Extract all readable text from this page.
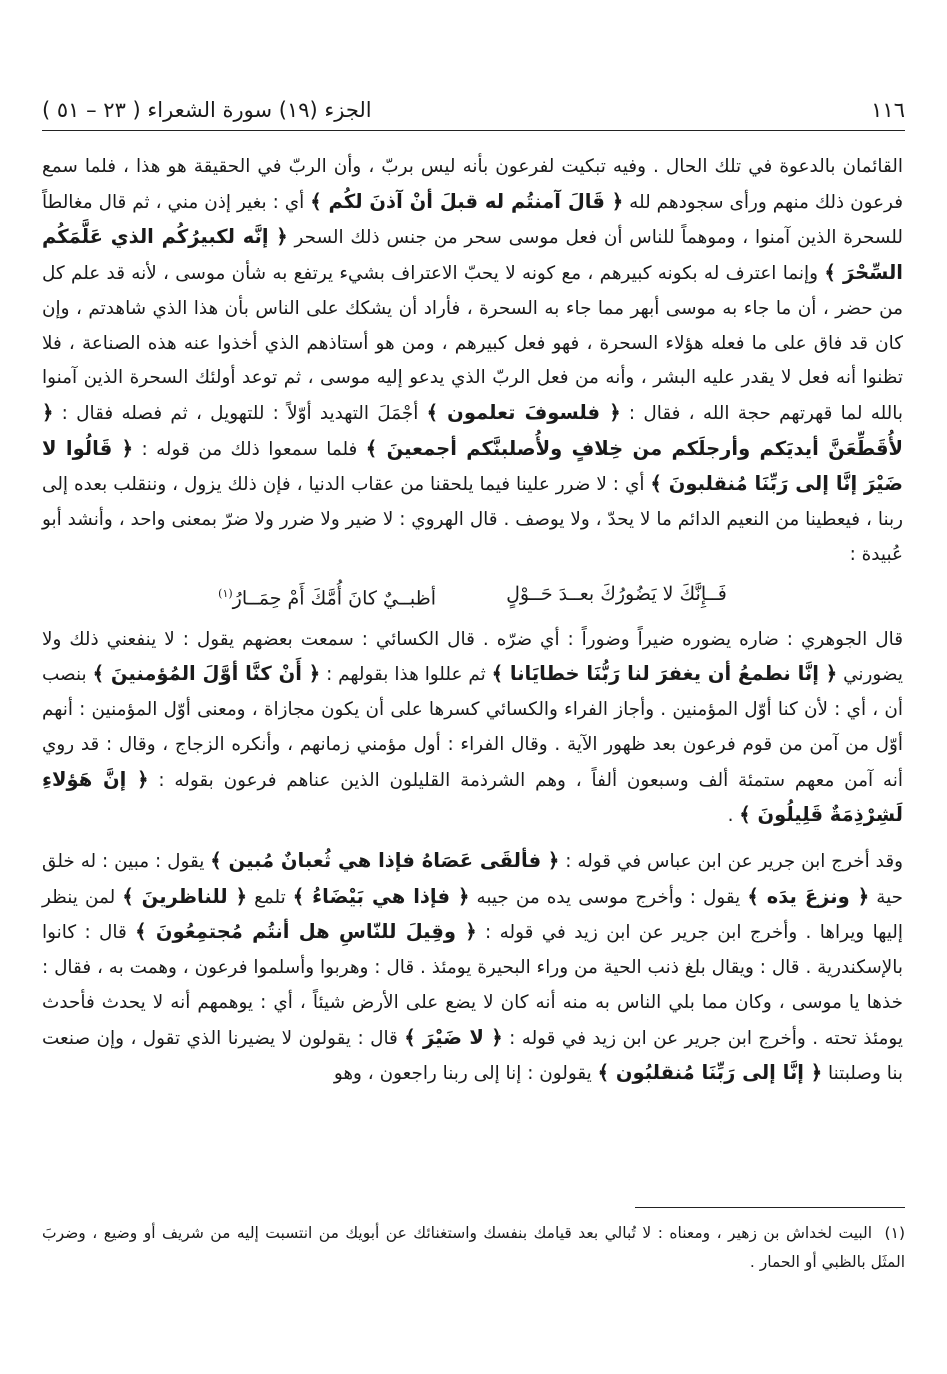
١١٦
الجزء (١٩) سورة الشعراء ( ٢٣ – ٥١ )

القائمان بالدعوة في تلك الحال . وفيه تبكيت لفرعون بأنه ليس بربّ ، وأن الربّ في الحقيقة هو هذا ، فلما سمع فرعون ذلك منهم ورأى سجودهم لله ﴿ قَالَ آمنتُم له قبلَ أنْ آذنَ لكُم ﴾ أي : بغير إذن مني ، ثم قال مغالطاً للسحرة الذين آمنوا ، وموهماً للناس أن فعل موسى سحر من جنس ذلك السحر ﴿ إنَّه لكبيرُكُم الذي عَلَّمَكُم السِّحْرَ ﴾ وإنما اعترف له بكونه كبيرهم ، مع كونه لا يحبّ الاعتراف بشيء يرتفع به شأن موسى ، لأنه قد علم كل من حضر ، أن ما جاء به موسى أبهر مما جاء به السحرة ، فأراد أن يشكك على الناس بأن هذا الذي شاهدتم ، وإن كان قد فاق على ما فعله هؤلاء السحرة ، فهو فعل كبيرهم ، ومن هو أستاذهم الذي أخذوا عنه هذه الصناعة ، فلا تظنوا أنه فعل لا يقدر عليه البشر ، وأنه من فعل الربّ الذي يدعو إليه موسى ، ثم توعد أولئك السحرة الذين آمنوا بالله لما قهرتهم حجة الله ، فقال : ﴿ فلسوفَ تعلمون ﴾ أجْمَلَ التهديد أوّلاً : للتهويل ، ثم فصله فقال : ﴿ لأُقَطِّعَنَّ أيديَكم وأرجلَكم من خِلافٍ ولأُصلبنَّكم أجمعينَ ﴾ فلما سمعوا ذلك من قوله : ﴿ قَالُوا لا ضَيْرَ إنَّا إلى رَبِّنَا مُنقلبونَ ﴾ أي : لا ضرر علينا فيما يلحقنا من عقاب الدنيا ، فإن ذلك يزول ، وننقلب بعده إلى ربنا ، فيعطينا من النعيم الدائم ما لا يحدّ ، ولا يوصف . قال الهروي : لا ضير ولا ضرر ولا ضرّ بمعنى واحد ، وأنشد أبو عُبيدة :

فَــإِنَّكَ لا يَضُورُكَ بعــدَ حَــوْلٍ
أظبــيٌ كانَ أُمَّكَ أَمْ حِمَــارُ$^{(١)}$

قال الجوهري : ضاره يضوره ضيراً وضوراً : أي ضرّه . قال الكسائي : سمعت بعضهم يقول : لا ينفعني ذلك ولا يضورني ﴿ إنَّا نطمعُ أن يغفرَ لنا رَبُّنَا خطايَانا ﴾ ثم عللوا هذا بقولهم : ﴿ أَنْ كنَّا أوَّلَ المُؤمنينَ ﴾ بنصب أن ، أي : لأن كنا أوّل المؤمنين . وأجاز الفراء والكسائي كسرها على أن يكون مجازاة ، ومعنى أوّل المؤمنين : أنهم أوّل من آمن من قوم فرعون بعد ظهور الآية . وقال الفراء : أول مؤمني زمانهم ، وأنكره الزجاج ، وقال : قد روي أنه آمن معهم ستمئة ألف وسبعون ألفاً ، وهم الشرذمة القليلون الذين عناهم فرعون بقوله : ﴿ إنَّ هَؤلاءِ لَشِرْذِمَةٌ قَلِيلُونَ ﴾ .

وقد أخرج ابن جرير عن ابن عباس في قوله : ﴿ فألقَى عَصَاهُ فإذا هي ثُعبانٌ مُبين ﴾ يقول : مبين : له خلق حية ﴿ ونزعَ يدَه ﴾ يقول : وأخرج موسى يده من جيبه ﴿ فإذا هي بَيْضَاءُ ﴾ تلمع ﴿ للناظرينَ ﴾ لمن ينظر إليها ويراها . وأخرج ابن جرير عن ابن زيد في قوله : ﴿ وقِيلَ للنّاسِ هل أنتُم مُجتمِعُونَ ﴾ قال : كانوا بالإسكندرية . قال : ويقال بلغ ذنب الحية من وراء البحيرة يومئذ . قال : وهربوا وأسلموا فرعون ، وهمت به ، فقال : خذها يا موسى ، وكان مما بلي الناس به منه أنه كان لا يضع على الأرض شيئاً ، أي : يوهمهم أنه لا يحدث فأحدث يومئذ تحته . وأخرج ابن جرير عن ابن زيد في قوله : ﴿ لا ضَيْرَ ﴾ قال : يقولون لا يضيرنا الذي تقول ، وإن صنعت بنا وصلبتنا ﴿ إنَّا إلى رَبِّنَا مُنقلبُون ﴾ يقولون : إنا إلى ربنا راجعون ، وهو

(١) البيت لخداش بن زهير ، ومعناه : لا تُبالي بعد قيامك بنفسك واستغنائك عن أبويك من انتسبت إليه من شريف أو وضيع ، وضربَ المثَل بالظبي أو الحمار .
